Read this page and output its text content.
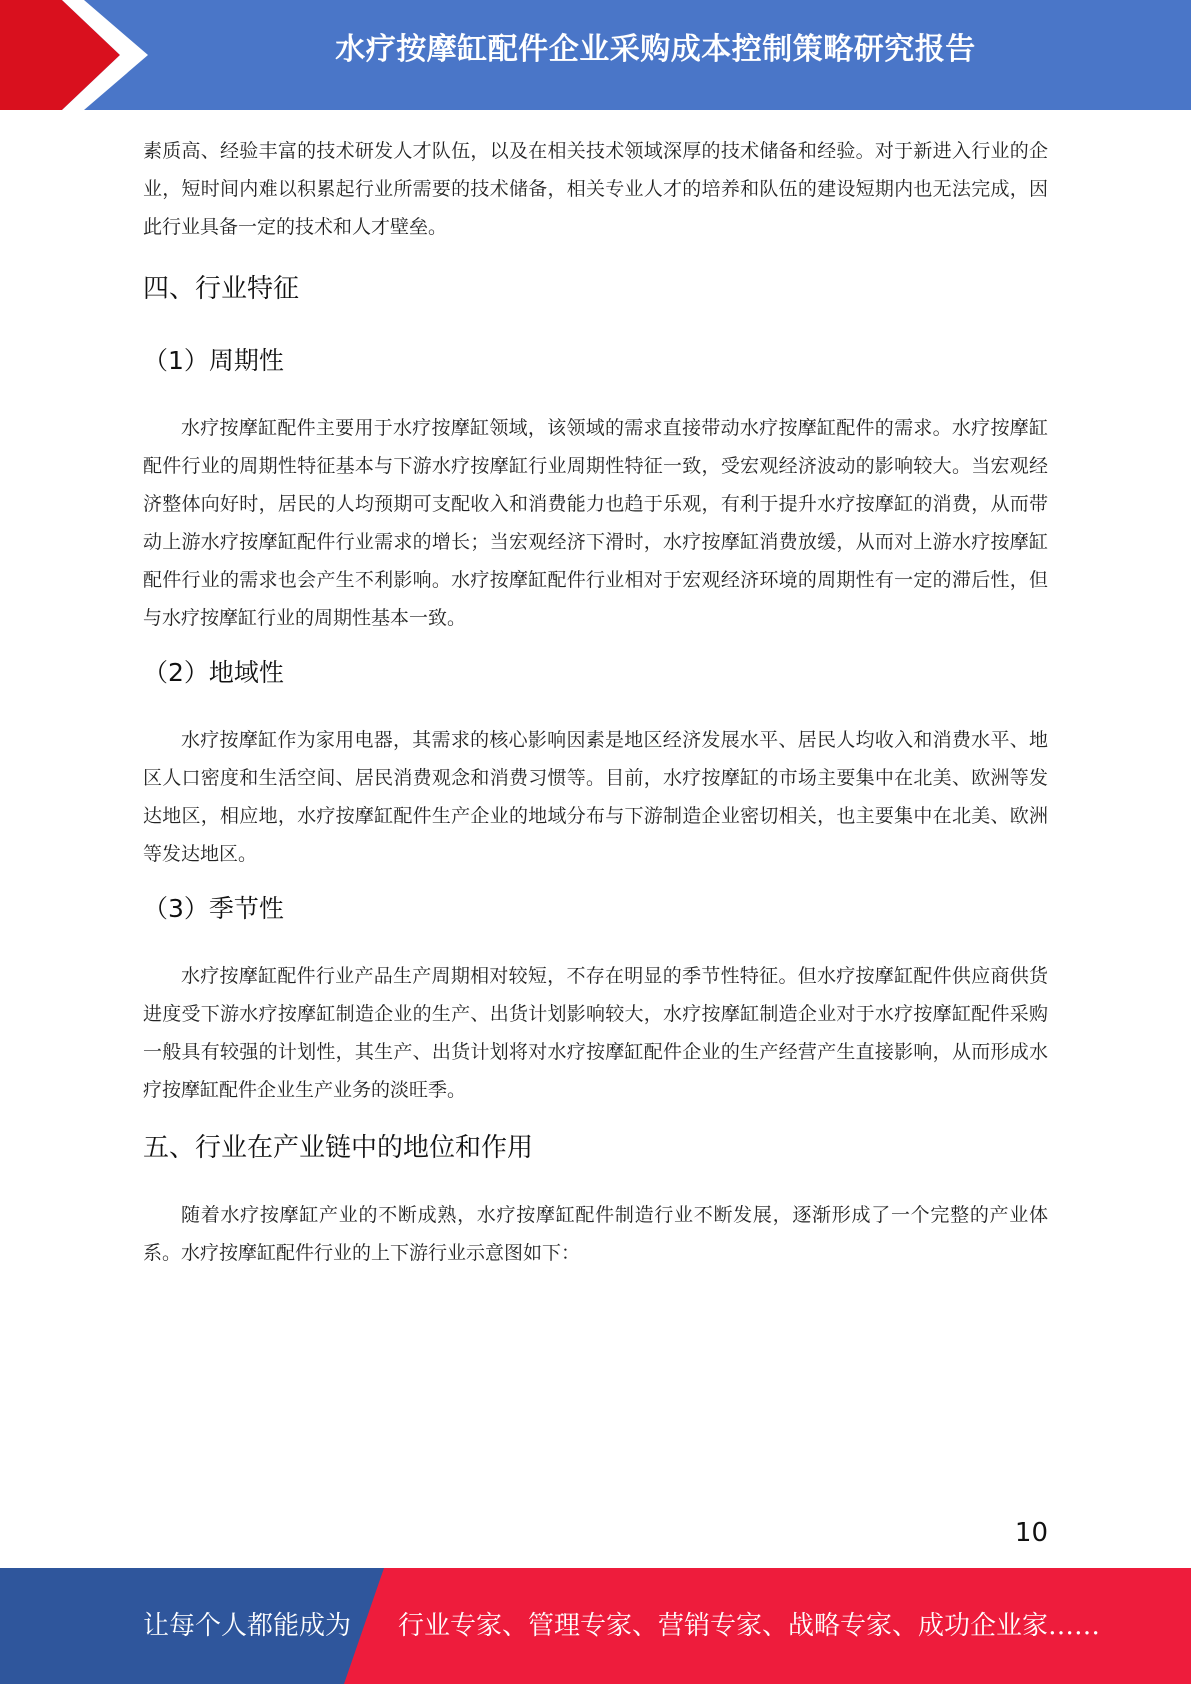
水疗按摩缸配件企业采购成本控制策略研究报告

素质高、经验丰富的技术研发人才队伍，以及在相关技术领域深厚的技术储备和经验。对于新进入行业的企业，短时间内难以积累起行业所需要的技术储备，相关专业人才的培养和队伍的建设短期内也无法完成，因此行业具备一定的技术和人才壁垒。

四、行业特征
（1）周期性

水疗按摩缸配件主要用于水疗按摩缸领域，该领域的需求直接带动水疗按摩缸配件的需求。水疗按摩缸配件行业的周期性特征基本与下游水疗按摩缸行业周期性特征一致，受宏观经济波动的影响较大。当宏观经济整体向好时，居民的人均预期可支配收入和消费能力也趋于乐观，有利于提升水疗按摩缸的消费，从而带动上游水疗按摩缸配件行业需求的增长；当宏观经济下滑时，水疗按摩缸消费放缓，从而对上游水疗按摩缸配件行业的需求也会产生不利影响。水疗按摩缸配件行业相对于宏观经济环境的周期性有一定的滞后性，但与水疗按摩缸行业的周期性基本一致。

（2）地域性

水疗按摩缸作为家用电器，其需求的核心影响因素是地区经济发展水平、居民人均收入和消费水平、地区人口密度和生活空间、居民消费观念和消费习惯等。目前，水疗按摩缸的市场主要集中在北美、欧洲等发达地区，相应地，水疗按摩缸配件生产企业的地域分布与下游制造企业密切相关，也主要集中在北美、欧洲等发达地区。

（3）季节性

水疗按摩缸配件行业产品生产周期相对较短，不存在明显的季节性特征。但水疗按摩缸配件供应商供货进度受下游水疗按摩缸制造企业的生产、出货计划影响较大，水疗按摩缸制造企业对于水疗按摩缸配件采购一般具有较强的计划性，其生产、出货计划将对水疗按摩缸配件企业的生产经营产生直接影响，从而形成水疗按摩缸配件企业生产业务的淡旺季。

五、行业在产业链中的地位和作用

随着水疗按摩缸产业的不断成熟，水疗按摩缸配件制造行业不断发展，逐渐形成了一个完整的产业体系。水疗按摩缸配件行业的上下游行业示意图如下：

10
让每个人都能成为 行业专家、管理专家、营销专家、战略专家、成功企业家……
